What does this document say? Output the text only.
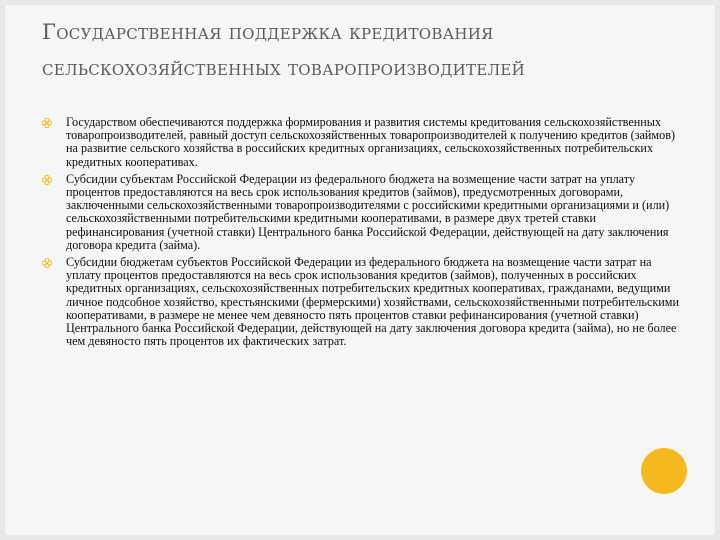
Государственная поддержка кредитования сельскохозяйственных товаропроизводителей
Государством обеспечиваются поддержка формирования и развития системы кредитования сельскохозяйственных товаропроизводителей, равный доступ сельскохозяйственных товаропроизводителей к получению кредитов (займов) на развитие сельского хозяйства в российских кредитных организациях, сельскохозяйственных потребительских кредитных кооперативах.
Субсидии субъектам Российской Федерации из федерального бюджета на возмещение части затрат на уплату процентов предоставляются на весь срок использования кредитов (займов), предусмотренных договорами, заключенными сельскохозяйственными товаропроизводителями с российскими кредитными организациями и (или) сельскохозяйственными потребительскими кредитными кооперативами, в размере двух третей ставки рефинансирования (учетной ставки) Центрального банка Российской Федерации, действующей на дату заключения договора кредита (займа).
Субсидии бюджетам субъектов Российской Федерации из федерального бюджета на возмещение части затрат на уплату процентов предоставляются на весь срок использования кредитов (займов), полученных в российских кредитных организациях, сельскохозяйственных потребительских кредитных кооперативах, гражданами, ведущими личное подсобное хозяйство, крестьянскими (фермерскими) хозяйствами, сельскохозяйственными потребительскими кооперативами, в размере не менее чем девяносто пять процентов ставки рефинансирования (учетной ставки) Центрального банка Российской Федерации, действующей на дату заключения договора кредита (займа), но не более чем девяносто пять процентов их фактических затрат.
